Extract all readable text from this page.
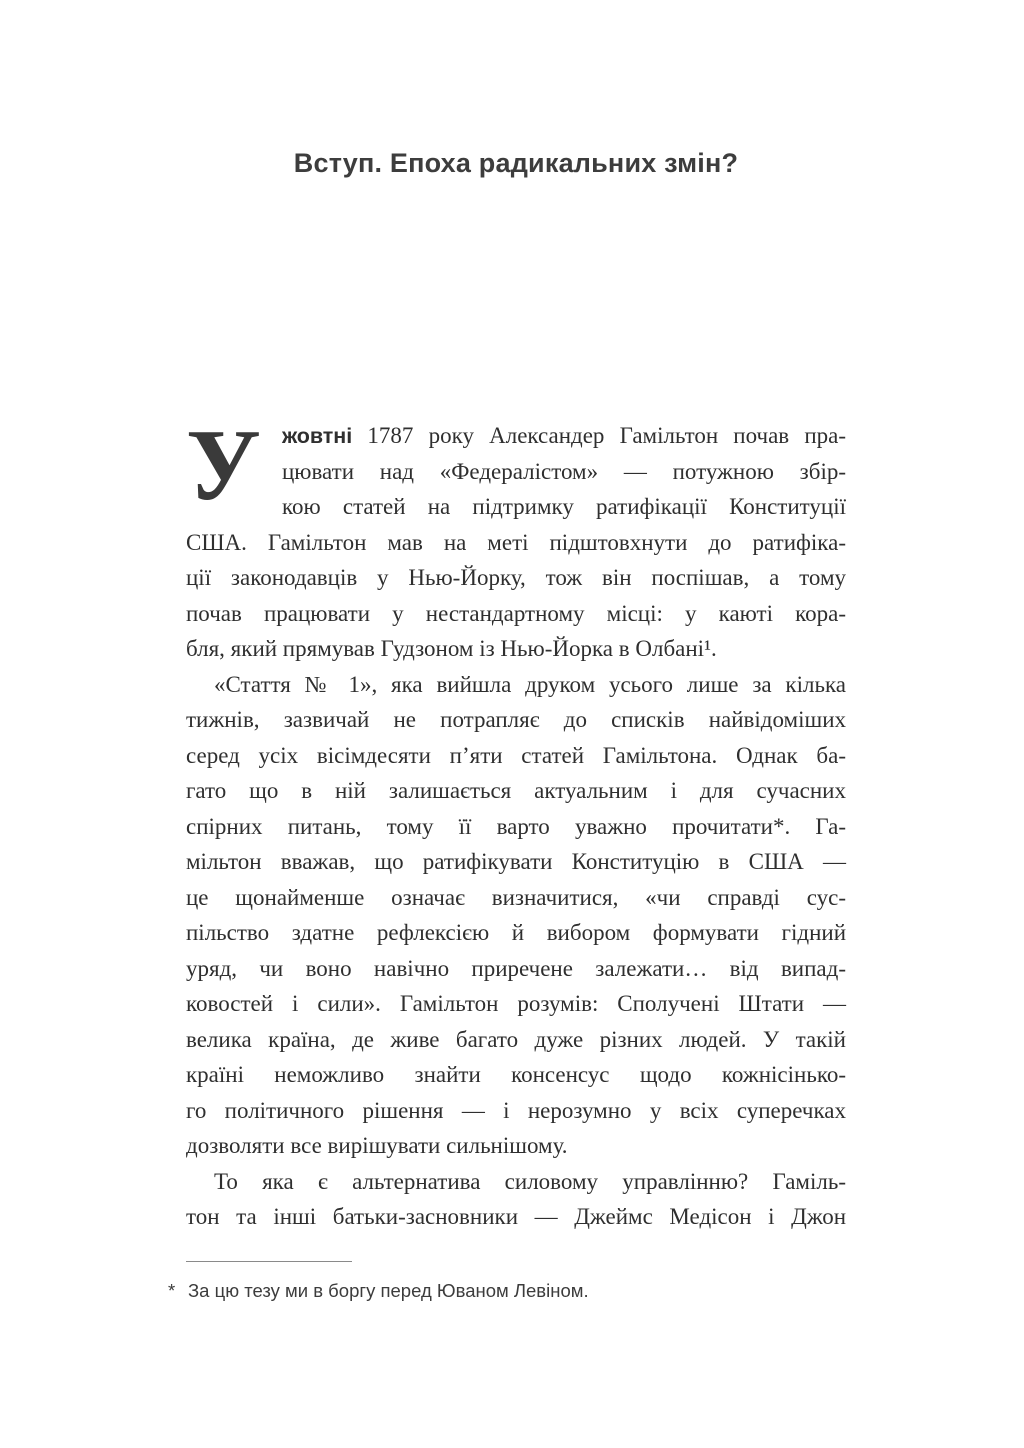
Вступ. Епоха радикальних змін?
У жовтні 1787 року Александер Гамільтон почав пра-
цювати над «Федералістом» — потужною збір-
кою статей на підтримку ратифікації Конституції
США. Гамільтон мав на меті підштовхнути до ратифіка-
ції законодавців у Нью-Йорку, тож він поспішав, а тому
почав працювати у нестандартному місці: у каюті кора-
бля, який прямував Гудзоном із Нью-Йорка в Олбані¹.
«Стаття № 1», яка вийшла друком усього лише за кілька
тижнів, зазвичай не потрапляє до списків найвідоміших
серед усіх вісімдесяти п’яти статей Гамільтона. Однак ба-
гато що в ній залишається актуальним і для сучасних
спірних питань, тому її варто уважно прочитати*. Га-
мільтон вважав, що ратифікувати Конституцію в США —
це щонайменше означає визначитися, «чи справді сус-
пільство здатне рефлексією й вибором формувати гідний
уряд, чи воно навічно приречене залежати… від випад-
ковостей і сили». Гамільтон розумів: Сполучені Штати —
велика країна, де живе багато дуже різних людей. У такій
країні неможливо знайти консенсус щодо кожнісінько-
го політичного рішення — і нерозумно у всіх суперечках
дозволяти все вирішувати сильнішому.
То яка є альтернатива силовому управлінню? Гаміль-
тон та інші батьки-засновники — Джеймс Медісон і Джон
* За цю тезу ми в боргу перед Юваном Левіном.
